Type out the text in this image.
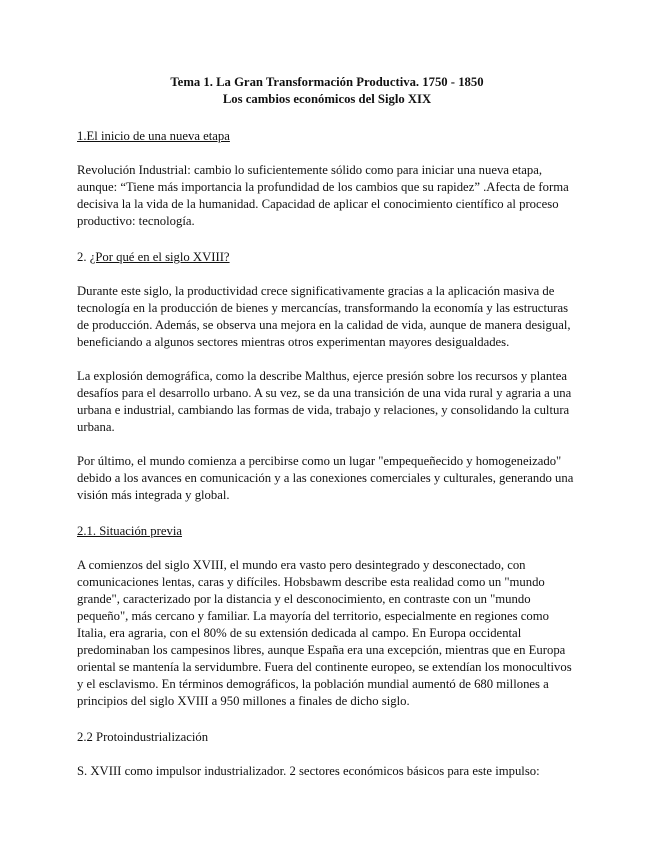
Tema 1. La Gran Transformación Productiva. 1750 - 1850
Los cambios económicos del Siglo XIX
1.El inicio de una nueva etapa

Revolución Industrial: cambio lo suficientemente sólido como para iniciar una nueva etapa, aunque: “Tiene más importancia la profundidad de los cambios que su rapidez” .Afecta de forma decisiva la la vida de la humanidad. Capacidad de aplicar el conocimiento científico al proceso productivo: tecnología.

2. ¿Por qué en el siglo XVIII?

Durante este siglo, la productividad crece significativamente gracias a la aplicación masiva de tecnología en la producción de bienes y mercancías, transformando la economía y las estructuras de producción. Además, se observa una mejora en la calidad de vida, aunque de manera desigual, beneficiando a algunos sectores mientras otros experimentan mayores desigualdades.

La explosión demográfica, como la describe Malthus, ejerce presión sobre los recursos y plantea desafíos para el desarrollo urbano. A su vez, se da una transición de una vida rural y agraria a una urbana e industrial, cambiando las formas de vida, trabajo y relaciones, y consolidando la cultura urbana.

Por último, el mundo comienza a percibirse como un lugar "empequeñecido y homogeneizado" debido a los avances en comunicación y a las conexiones comerciales y culturales, generando una visión más integrada y global.

2.1. Situación previa

A comienzos del siglo XVIII, el mundo era vasto pero desintegrado y desconectado, con comunicaciones lentas, caras y difíciles. Hobsbawm describe esta realidad como un "mundo grande", caracterizado por la distancia y el desconocimiento, en contraste con un "mundo pequeño", más cercano y familiar. La mayoría del territorio, especialmente en regiones como Italia, era agraria, con el 80% de su extensión dedicada al campo. En Europa occidental predominaban los campesinos libres, aunque España era una excepción, mientras que en Europa oriental se mantenía la servidumbre. Fuera del continente europeo, se extendían los monocultivos y el esclavismo. En términos demográficos, la población mundial aumentó de 680 millones a principios del siglo XVIII a 950 millones a finales de dicho siglo.

2.2 Protoindustrialización

S. XVIII como impulsor industrializador. 2 sectores económicos básicos para este impulso:
